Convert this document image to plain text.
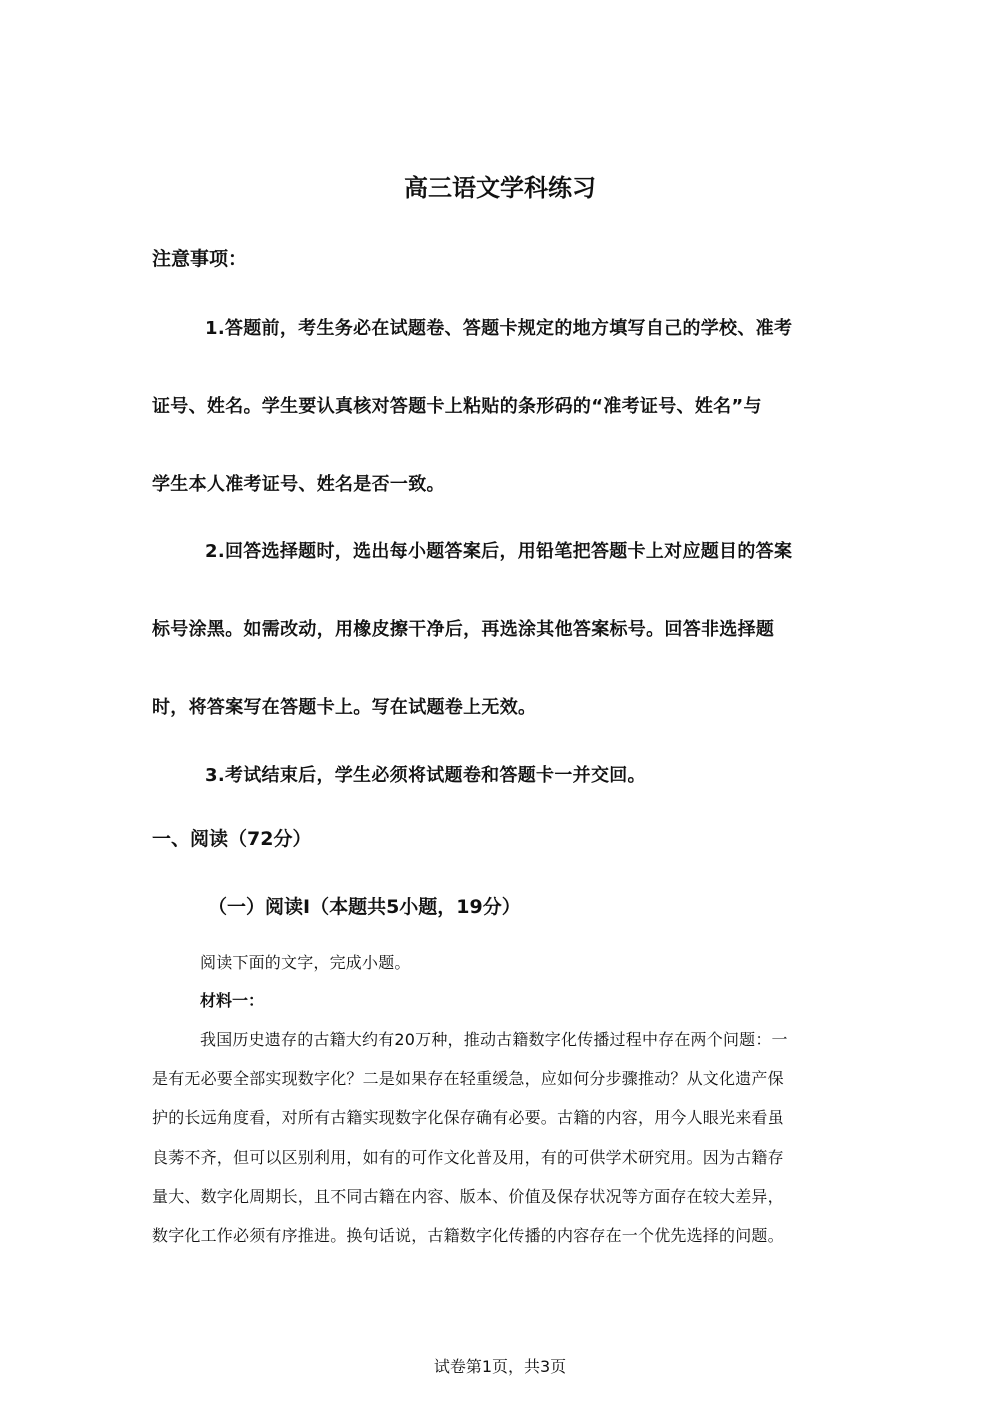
高三语文学科练习
注意事项：
1.答题前，考生务必在试题卷、答题卡规定的地方填写自己的学校、准考
证号、姓名。学生要认真核对答题卡上粘贴的条形码的“准考证号、姓名”与
学生本人准考证号、姓名是否一致。
2.回答选择题时，选出每小题答案后，用铅笔把答题卡上对应题目的答案
标号涂黑。如需改动，用橡皮擦干净后，再选涂其他答案标号。回答非选择题
时，将答案写在答题卡上。写在试题卷上无效。
3.考试结束后，学生必须将试题卷和答题卡一并交回。
一、阅读（72分）
（一）阅读Ⅰ（本题共5小题，19分）
阅读下面的文字，完成小题。
材料一：
我国历史遗存的古籍大约有20万种，推动古籍数字化传播过程中存在两个问题：一
是有无必要全部实现数字化？二是如果存在轻重缓急，应如何分步骤推动？从文化遗产保
护的长远角度看，对所有古籍实现数字化保存确有必要。古籍的内容，用今人眼光来看虽
良莠不齐，但可以区别利用，如有的可作文化普及用，有的可供学术研究用。因为古籍存
量大、数字化周期长，且不同古籍在内容、版本、价值及保存状况等方面存在较大差异，
数字化工作必须有序推进。换句话说，古籍数字化传播的内容存在一个优先选择的问题。
试卷第1页，共3页
